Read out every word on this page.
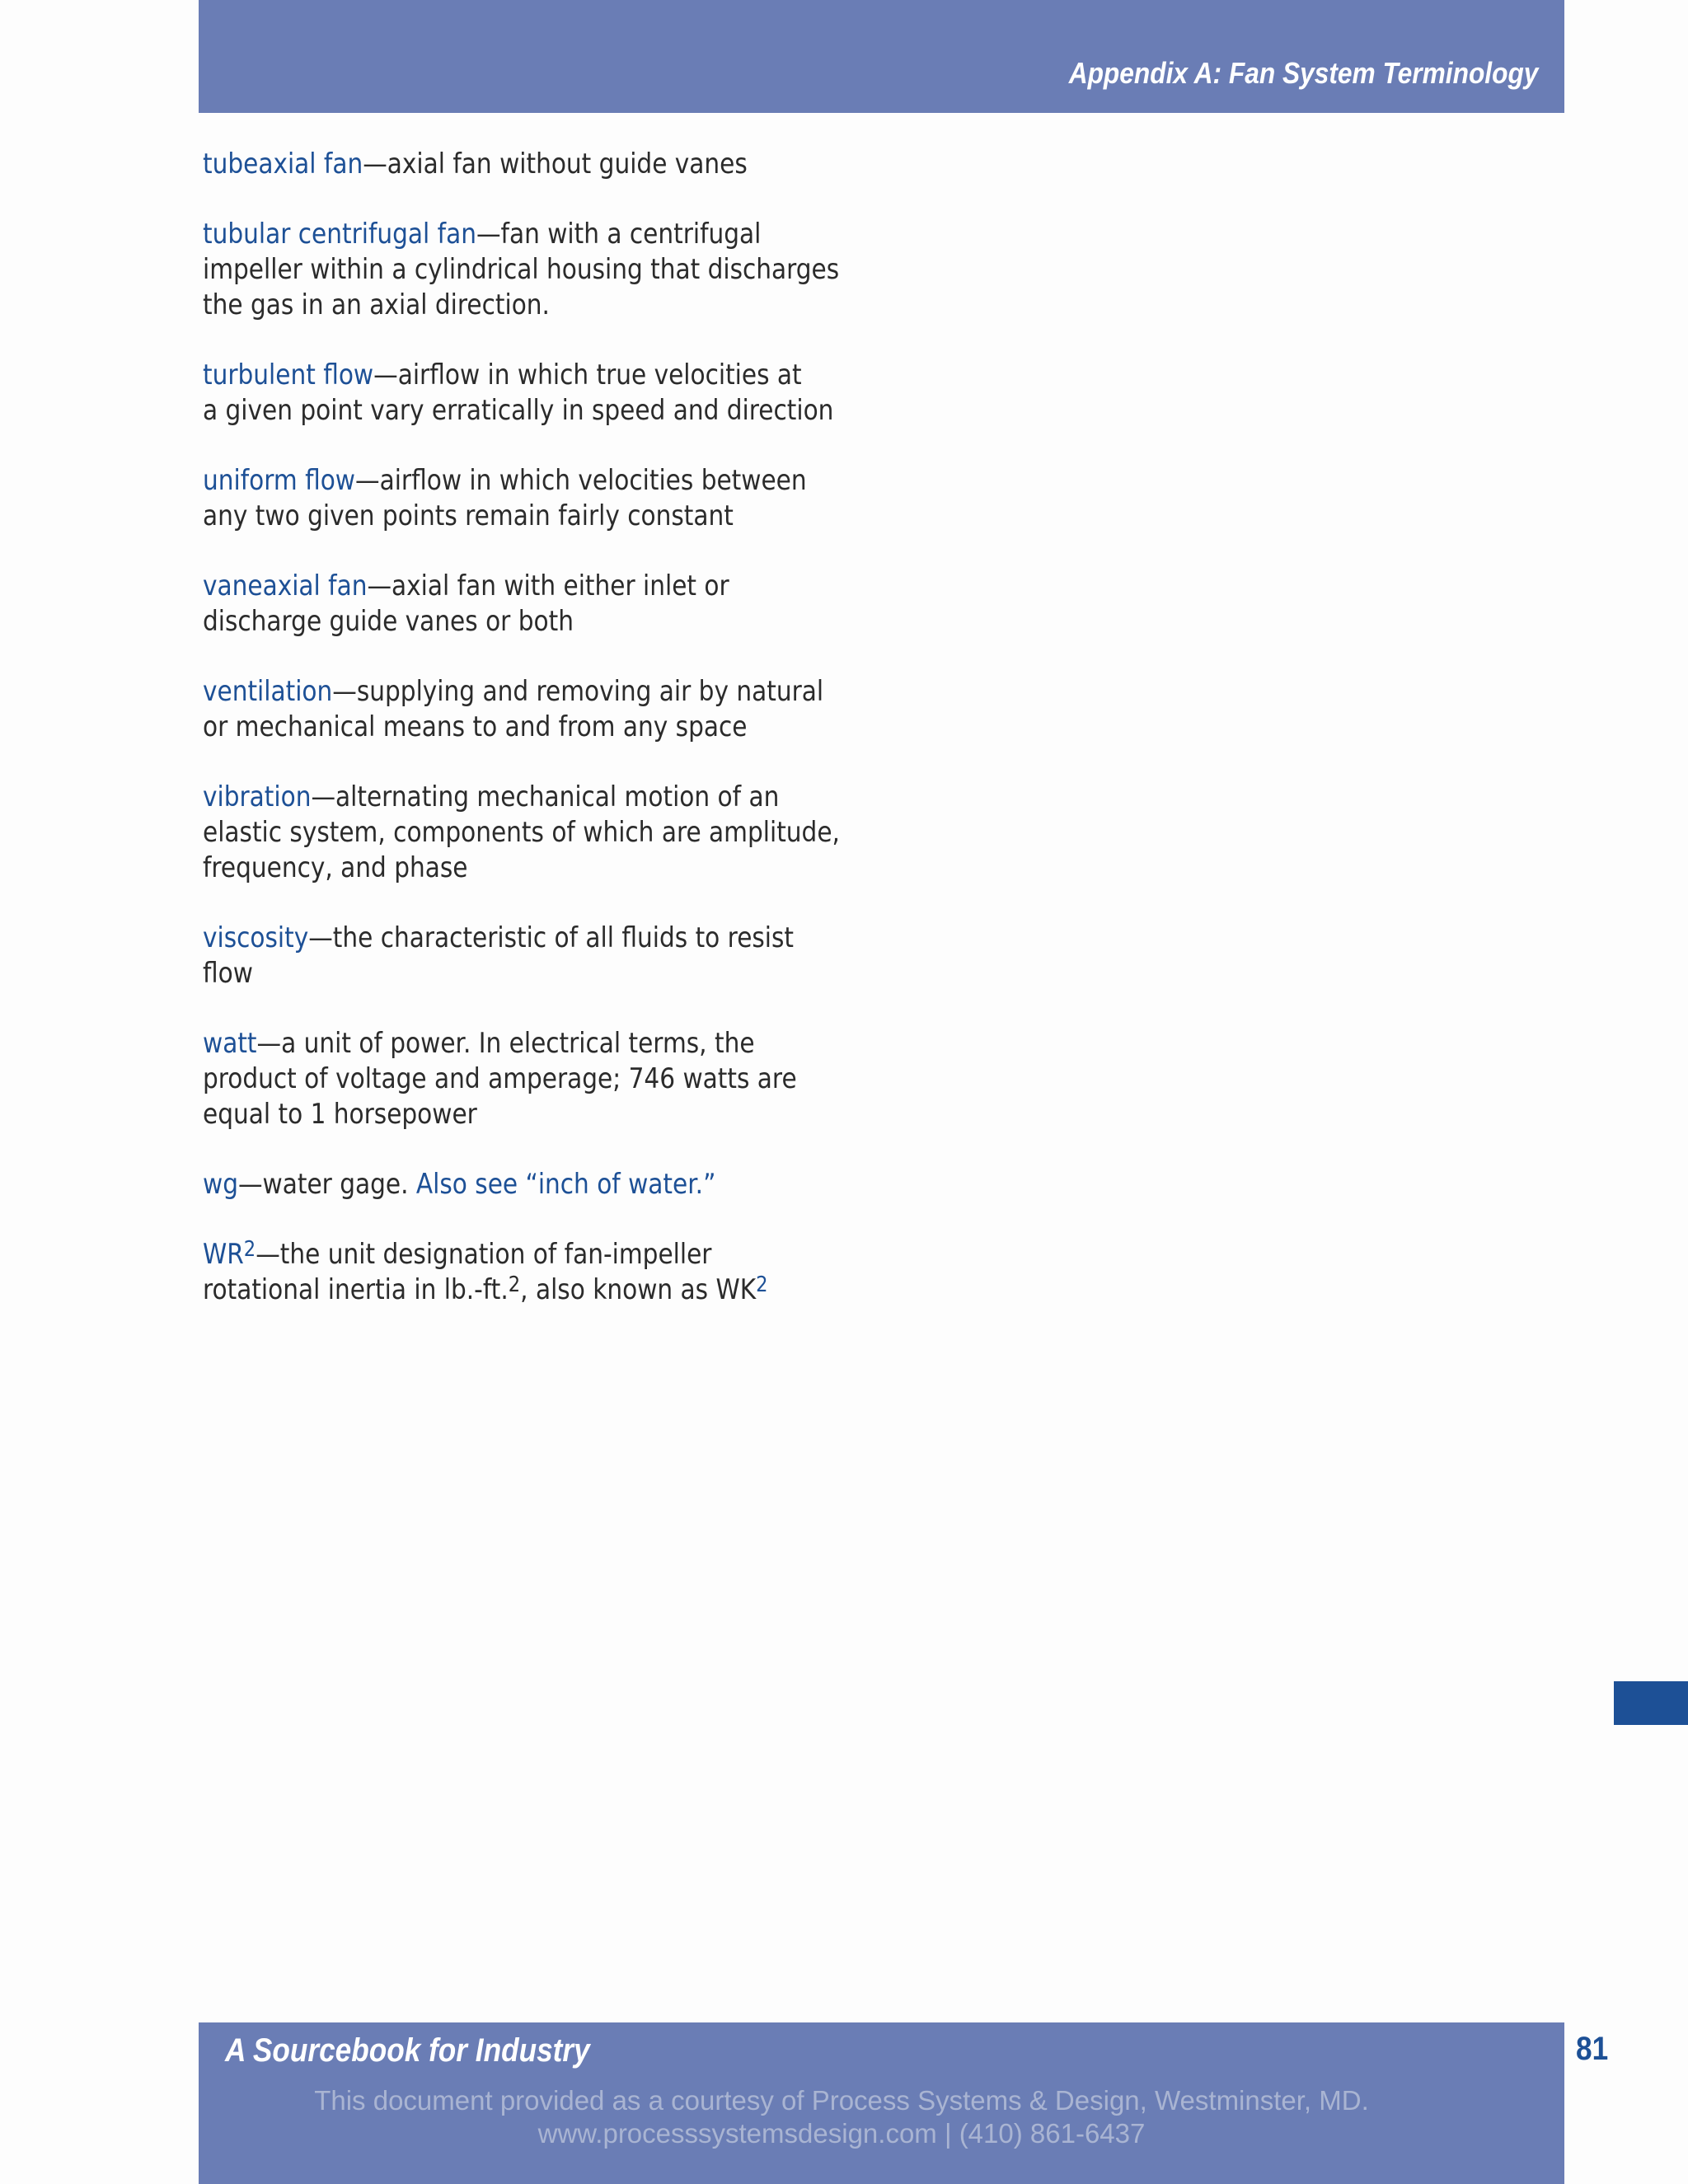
Appendix A: Fan System Terminology
tubeaxial fan—axial fan without guide vanes
tubular centrifugal fan—fan with a centrifugal
impeller within a cylindrical housing that discharges
the gas in an axial direction.
turbulent flow—airflow in which true velocities at
a given point vary erratically in speed and direction
uniform flow—airflow in which velocities between
any two given points remain fairly constant
vaneaxial fan—axial fan with either inlet or
discharge guide vanes or both
ventilation—supplying and removing air by natural
or mechanical means to and from any space
vibration—alternating mechanical motion of an
elastic system, components of which are amplitude,
frequency, and phase
viscosity—the characteristic of all fluids to resist
flow
watt—a unit of power. In electrical terms, the
product of voltage and amperage; 746 watts are
equal to 1 horsepower
wg—water gage. Also see “inch of water.”
$WR^2—the$ unit designation of fan-impeller
rotational inertia in lb.-ft.$^2$, also known as $WK^2$
A Sourcebook for Industry
This document provided as a courtesy of Process Systems & Design, Westminster, MD.
www.processsystemsdesign.com | (410) 861-6437
81
